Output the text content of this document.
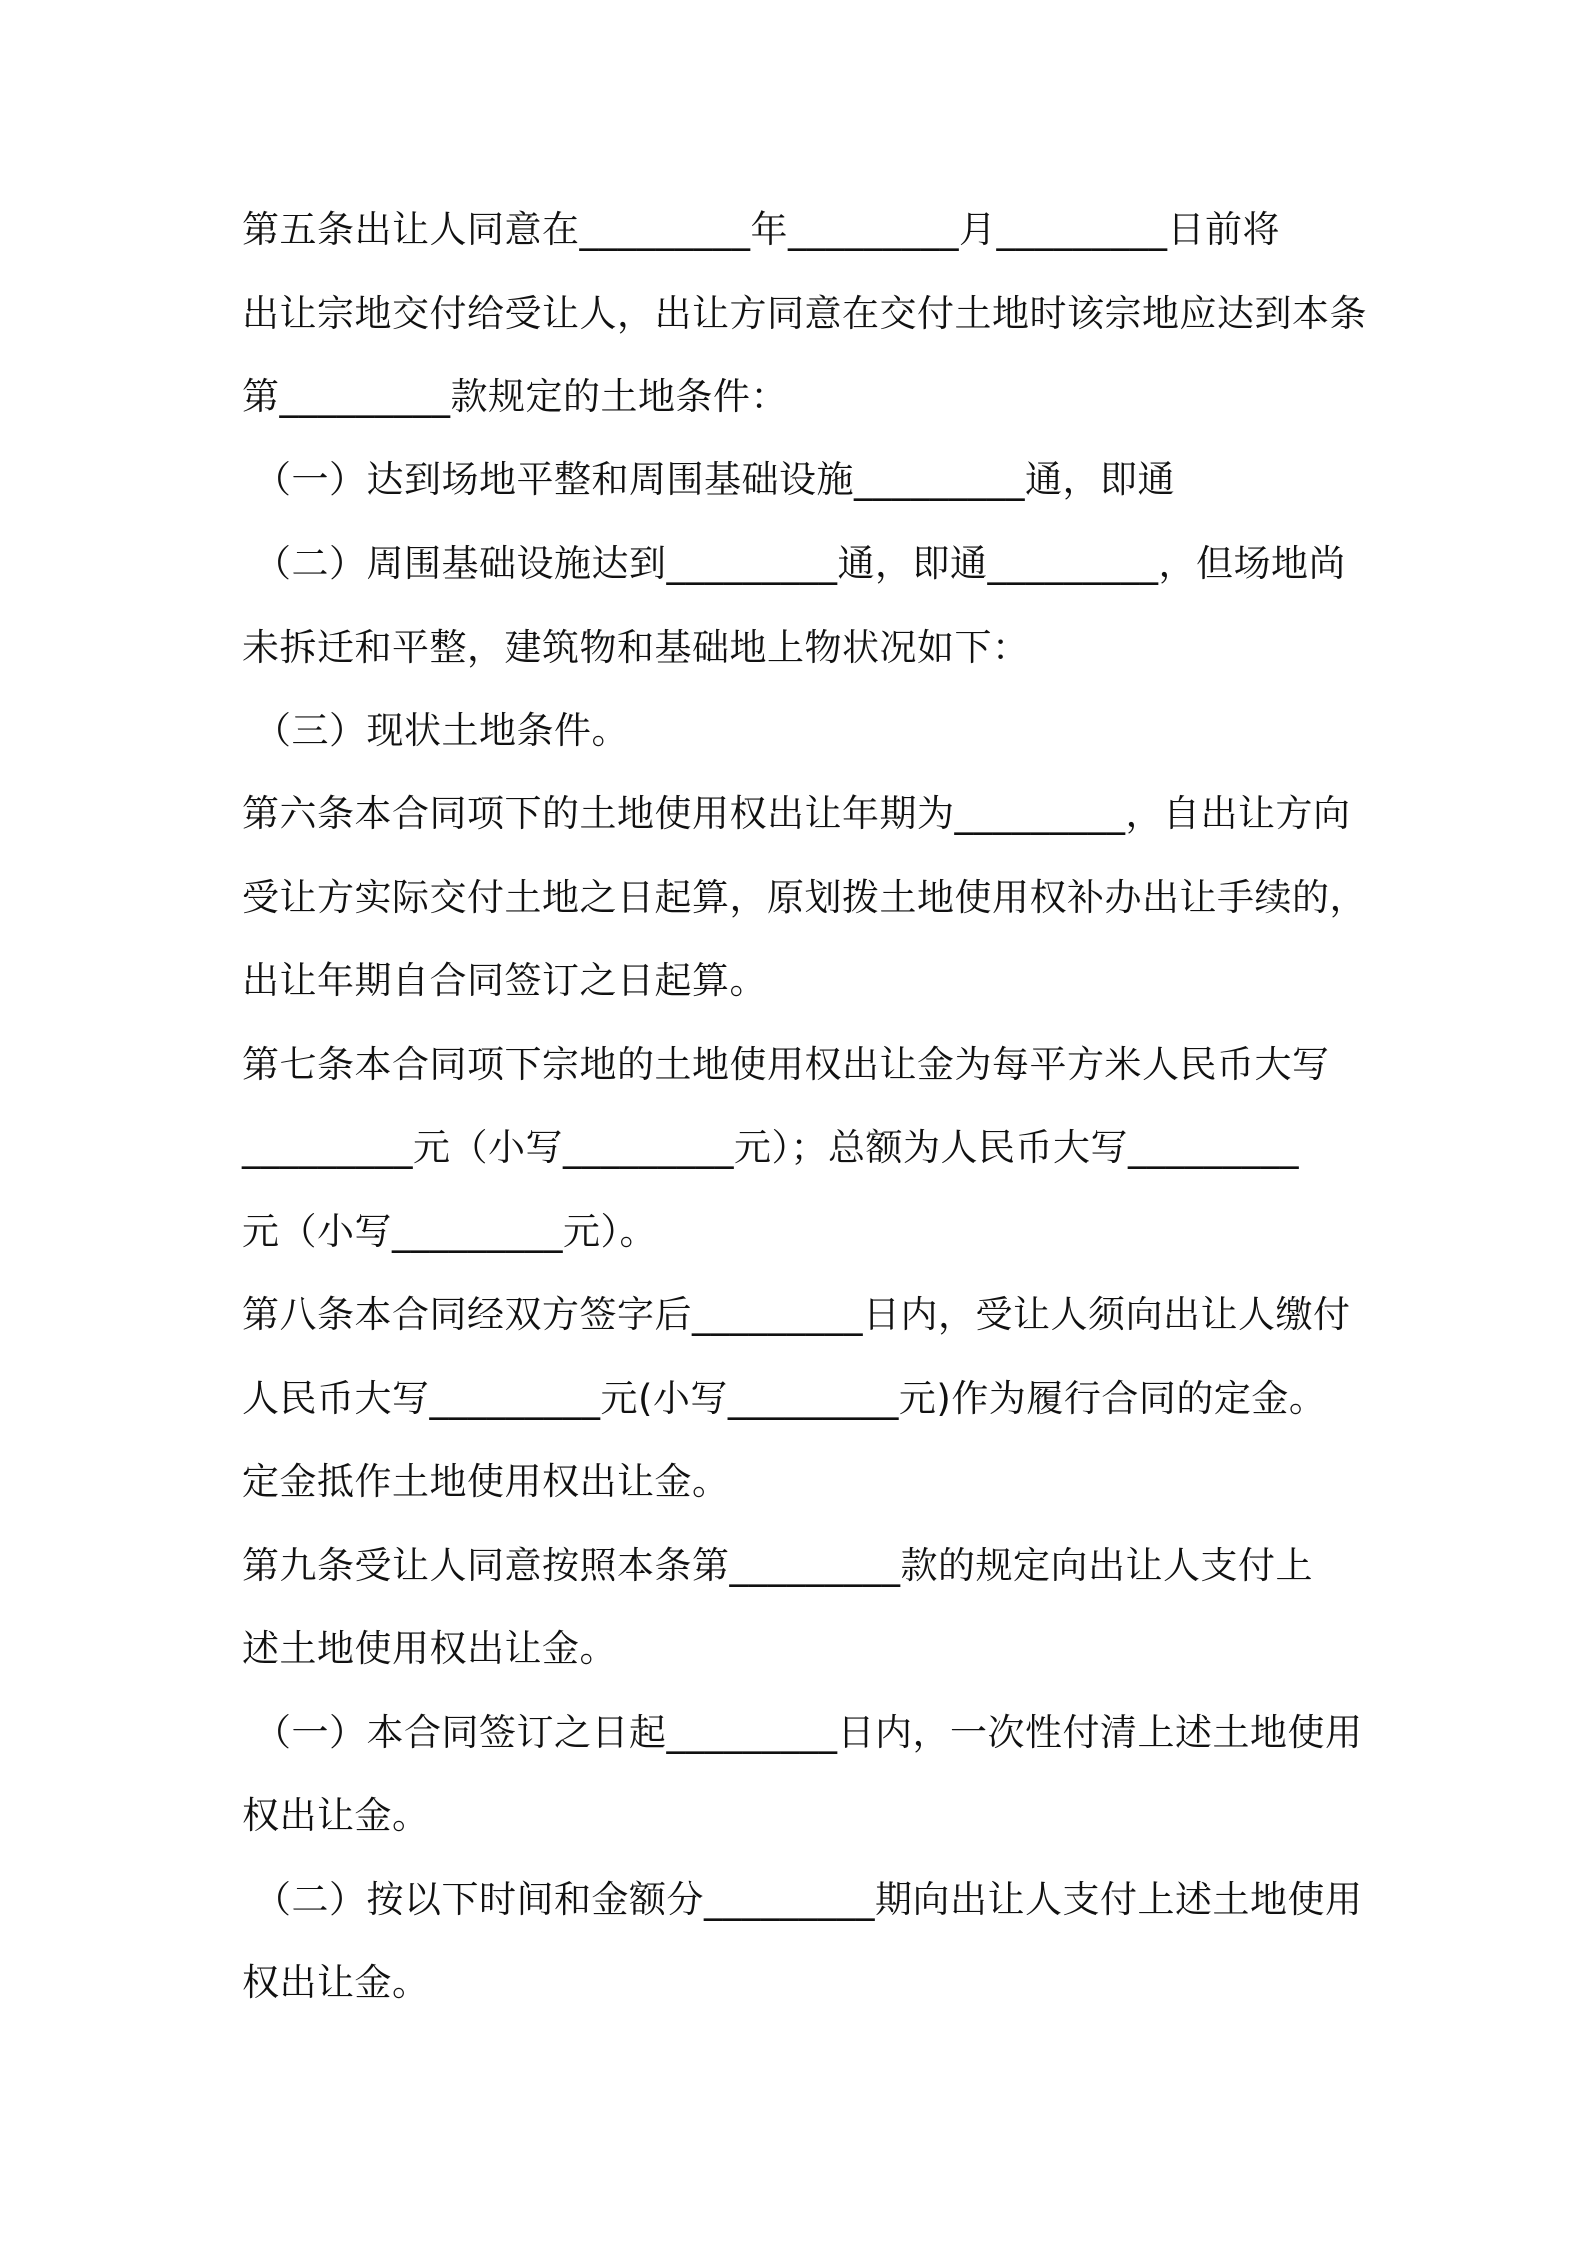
第五条出让人同意在_________年_________月_________日前将
出让宗地交付给受让人，出让方同意在交付土地时该宗地应达到本条
第_________款规定的土地条件：
（一）达到场地平整和周围基础设施_________通，即通
（二）周围基础设施达到_________通，即通_________，但场地尚
未拆迁和平整，建筑物和基础地上物状况如下：
（三）现状土地条件。
第六条本合同项下的土地使用权出让年期为_________，自出让方向
受让方实际交付土地之日起算，原划拨土地使用权补办出让手续的，
出让年期自合同签订之日起算。
第七条本合同项下宗地的土地使用权出让金为每平方米人民币大写
_________元（小写_________元）；总额为人民币大写_________
元（小写_________元）。
第八条本合同经双方签字后_________日内，受让人须向出让人缴付
人民币大写_________元(小写_________元)作为履行合同的定金。
定金抵作土地使用权出让金。
第九条受让人同意按照本条第_________款的规定向出让人支付上
述土地使用权出让金。
（一）本合同签订之日起_________日内，一次性付清上述土地使用
权出让金。
（二）按以下时间和金额分_________期向出让人支付上述土地使用
权出让金。
